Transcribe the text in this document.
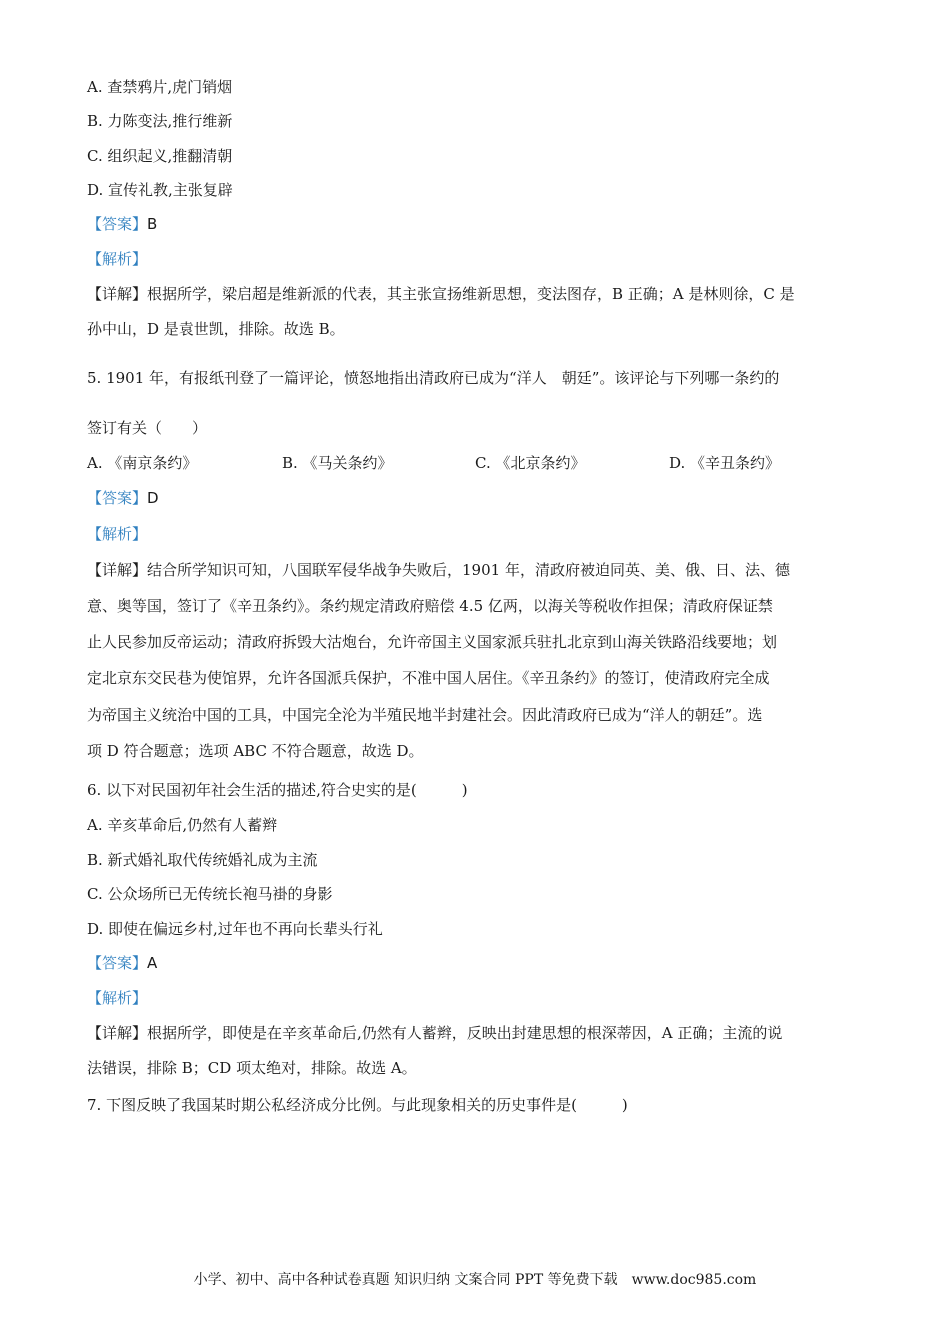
A. 查禁鸦片,虎门销烟
B. 力陈变法,推行维新
C. 组织起义,推翻清朝
D. 宣传礼教,主张复辟
【答案】B
【解析】
【详解】根据所学，梁启超是维新派的代表，其主张宣扬维新思想，变法图存，B 正确；A 是林则徐，C 是
孙中山，D 是袁世凯，排除。故选 B。
5. 1901 年，有报纸刊登了一篇评论，愤怒地指出清政府已成为“洋人　朝廷”。该评论与下列哪一条约的
签订有关（　　）
A. 《南京条约》	B. 《马关条约》	C. 《北京条约》	D. 《辛丑条约》
【答案】D
【解析】
【详解】结合所学知识可知，八国联军侵华战争失败后，1901 年，清政府被迫同英、美、俄、日、法、德
意、奥等国，签订了《辛丑条约》。条约规定清政府赔偿 4.5 亿两，以海关等税收作担保；清政府保证禁
止人民参加反帝运动；清政府拆毁大沽炮台，允许帝国主义国家派兵驻扎北京到山海关铁路沿线要地；划
定北京东交民巷为使馆界，允许各国派兵保护，不准中国人居住。《辛丑条约》的签订，使清政府完全成
为帝国主义统治中国的工具，中国完全沦为半殖民地半封建社会。因此清政府已成为“洋人的朝廷”。选
项 D 符合题意；选项 ABC 不符合题意，故选 D。
6. 以下对民国初年社会生活的描述,符合史实的是(　　　)
A. 辛亥革命后,仍然有人蓄辫
B. 新式婚礼取代传统婚礼成为主流
C. 公众场所已无传统长袍马褂的身影
D. 即使在偏远乡村,过年也不再向长辈头行礼
【答案】A
【解析】
【详解】根据所学，即使是在辛亥革命后,仍然有人蓄辫，反映出封建思想的根深蒂因，A 正确；主流的说
法错误，排除 B；CD 项太绝对，排除。故选 A。
7. 下图反映了我国某时期公私经济成分比例。与此现象相关的历史事件是(　　　)
小学、初中、高中各种试卷真题 知识归纳 文案合同 PPT 等免费下载　www.doc985.com
